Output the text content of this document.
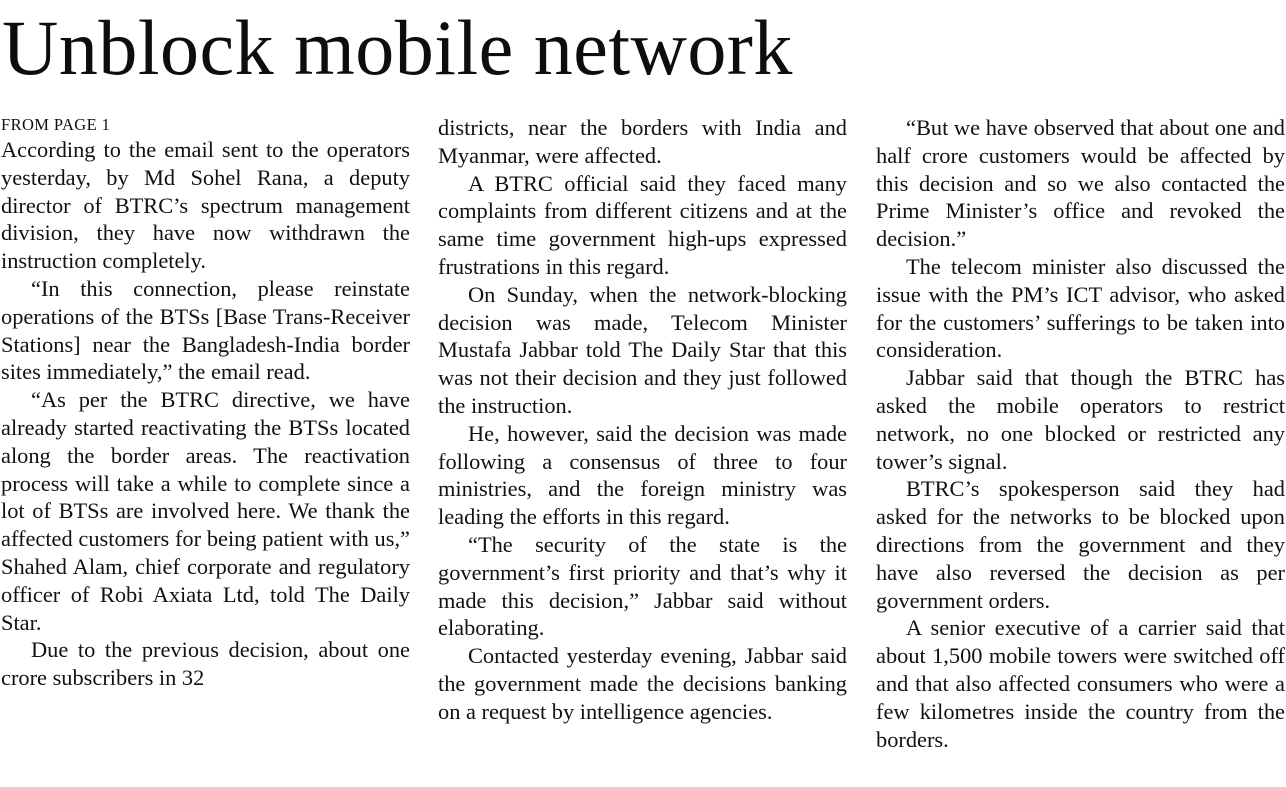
Unblock mobile network
FROM PAGE 1

According to the email sent to the operators yesterday, by Md Sohel Rana, a deputy director of BTRC’s spectrum management division, they have now withdrawn the instruction completely.

“In this connection, please reinstate operations of the BTSs [Base Trans-Receiver Stations] near the Bangladesh-India border sites immediately,” the email read.

“As per the BTRC directive, we have already started reactivating the BTSs located along the border areas. The reactivation process will take a while to complete since a lot of BTSs are involved here. We thank the affected customers for being patient with us,” Shahed Alam, chief corporate and regulatory officer of Robi Axiata Ltd, told The Daily Star.

Due to the previous decision, about one crore subscribers in 32

districts, near the borders with India and Myanmar, were affected.

A BTRC official said they faced many complaints from different citizens and at the same time government high-ups expressed frustrations in this regard.

On Sunday, when the network-blocking decision was made, Telecom Minister Mustafa Jabbar told The Daily Star that this was not their decision and they just followed the instruction.

He, however, said the decision was made following a consensus of three to four ministries, and the foreign ministry was leading the efforts in this regard.

“The security of the state is the government’s first priority and that’s why it made this decision,” Jabbar said without elaborating.

Contacted yesterday evening, Jabbar said the government made the decisions banking on a request by intelligence agencies.

“But we have observed that about one and half crore customers would be affected by this decision and so we also contacted the Prime Minister’s office and revoked the decision.”

The telecom minister also discussed the issue with the PM’s ICT advisor, who asked for the customers’ sufferings to be taken into consideration.

Jabbar said that though the BTRC has asked the mobile operators to restrict network, no one blocked or restricted any tower’s signal.

BTRC’s spokesperson said they had asked for the networks to be blocked upon directions from the government and they have also reversed the decision as per government orders.

A senior executive of a carrier said that about 1,500 mobile towers were switched off and that also affected consumers who were a few kilometres inside the country from the borders.
